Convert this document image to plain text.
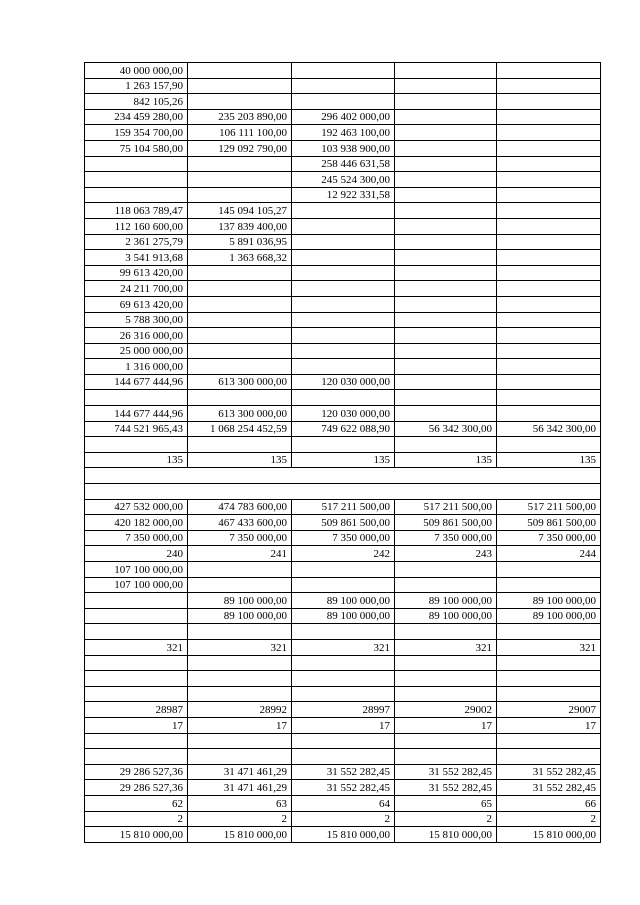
40 000 000,00				
1 263 157,90				
842 105,26				
234 459 280,00	235 203 890,00	296 402 000,00		
159 354 700,00	106 111 100,00	192 463 100,00		
75 104 580,00	129 092 790,00	103 938 900,00		
		258 446 631,58		
		245 524 300,00		
		12 922 331,58		
118 063 789,47	145 094 105,27			
112 160 600,00	137 839 400,00			
2 361 275,79	5 891 036,95			
3 541 913,68	1 363 668,32			
99 613 420,00				
24 211 700,00				
69 613 420,00				
5 788 300,00				
26 316 000,00				
25 000 000,00				
1 316 000,00				
144 677 444,96	613 300 000,00	120 030 000,00		

144 677 444,96	613 300 000,00	120 030 000,00		
744 521 965,43	1 068 254 452,59	749 622 088,90	56 342 300,00	56 342 300,00

135	135	135	135	135

427 532 000,00	474 783 600,00	517 211 500,00	517 211 500,00	517 211 500,00
420 182 000,00	467 433 600,00	509 861 500,00	509 861 500,00	509 861 500,00
7 350 000,00	7 350 000,00	7 350 000,00	7 350 000,00	7 350 000,00
240	241	242	243	244
107 100 000,00				
107 100 000,00				
	89 100 000,00	89 100 000,00	89 100 000,00	89 100 000,00
	89 100 000,00	89 100 000,00	89 100 000,00	89 100 000,00

321	321	321	321	321

28987	28992	28997	29002	29007
17	17	17	17	17

29 286 527,36	31 471 461,29	31 552 282,45	31 552 282,45	31 552 282,45
29 286 527,36	31 471 461,29	31 552 282,45	31 552 282,45	31 552 282,45
62	63	64	65	66
2	2	2	2	2
15 810 000,00	15 810 000,00	15 810 000,00	15 810 000,00	15 810 000,00
